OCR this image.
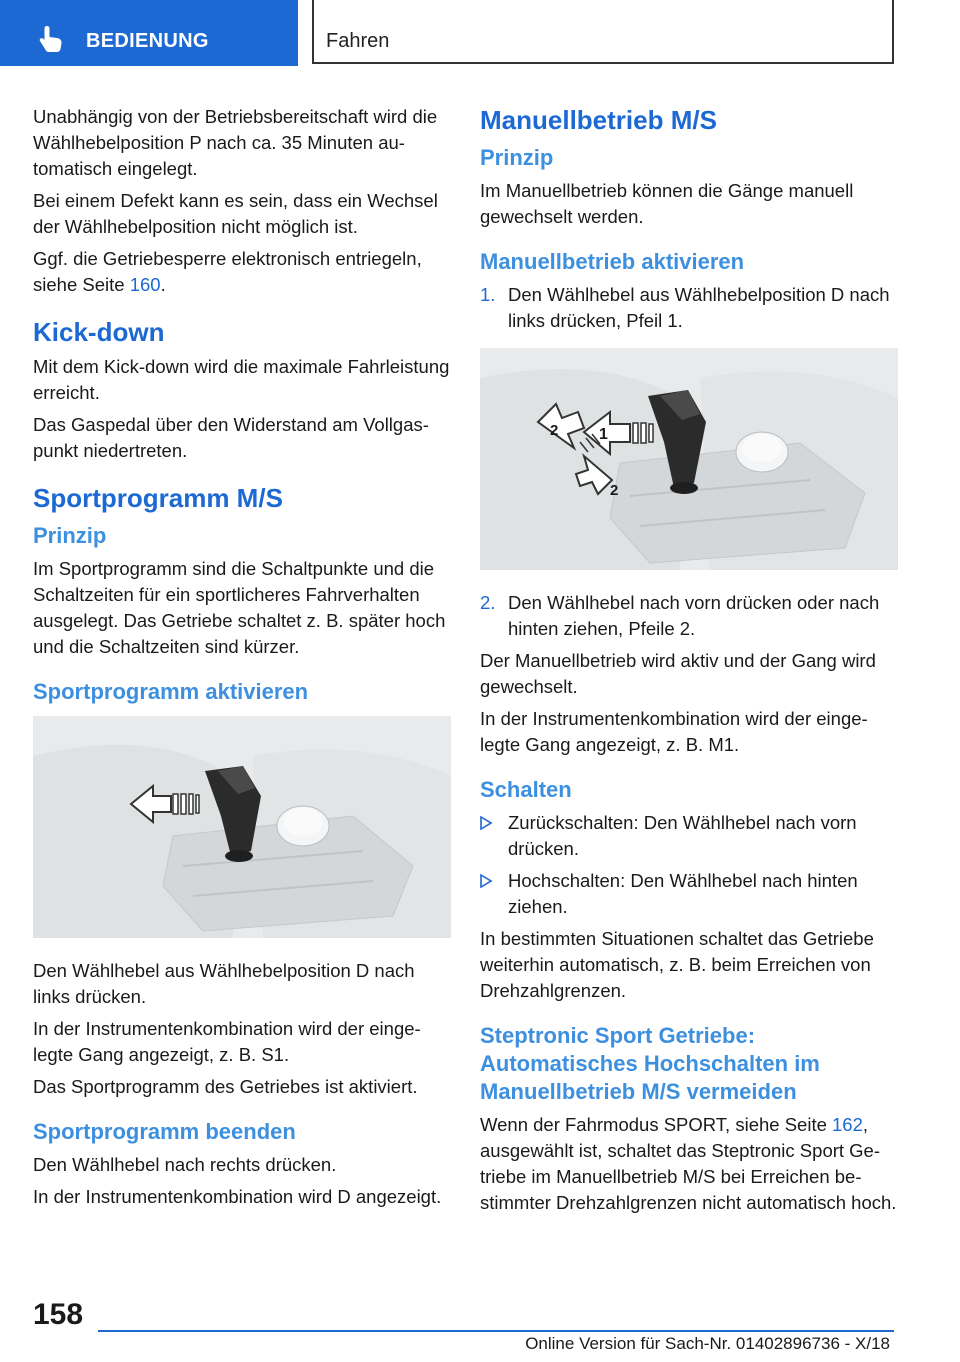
BEDIENUNG	Fahren

Unabhängig von der Betriebsbereitschaft wird die Wählhebelposition P nach ca. 35 Minuten automatisch eingelegt.

Bei einem Defekt kann es sein, dass ein Wechsel der Wählhebelposition nicht möglich ist.

Ggf. die Getriebesperre elektronisch entriegeln, siehe Seite 160.

Kick-down

Mit dem Kick-down wird die maximale Fahrleistung erreicht.

Das Gaspedal über den Widerstand am Vollgaspunkt niedertreten.

Sportprogramm M/S
Prinzip

Im Sportprogramm sind die Schaltpunkte und die Schaltzeiten für ein sportlicheres Fahrverhalten ausgelegt. Das Getriebe schaltet z. B. später hoch und die Schaltzeiten sind kürzer.

Sportprogramm aktivieren

Den Wählhebel aus Wählhebelposition D nach links drücken.

In der Instrumentenkombination wird der eingelegte Gang angezeigt, z. B. S1.

Das Sportprogramm des Getriebes ist aktiviert.

Sportprogramm beenden

Den Wählhebel nach rechts drücken.

In der Instrumentenkombination wird D angezeigt.

Manuellbetrieb M/S
Prinzip

Im Manuellbetrieb können die Gänge manuell gewechselt werden.

Manuellbetrieb aktivieren
1. Den Wählhebel aus Wählhebelposition D nach links drücken, Pfeil 1.
1
2
2
2. Den Wählhebel nach vorn drücken oder nach hinten ziehen, Pfeile 2.

Der Manuellbetrieb wird aktiv und der Gang wird gewechselt.

In der Instrumentenkombination wird der eingelegte Gang angezeigt, z. B. M1.

Schalten
Zurückschalten: Den Wählhebel nach vorn drücken.
Hochschalten: Den Wählhebel nach hinten ziehen.

In bestimmten Situationen schaltet das Getriebe weiterhin automatisch, z. B. beim Erreichen von Drehzahlgrenzen.

Steptronic Sport Getriebe: Automatisches Hochschalten im Manuellbetrieb M/S vermeiden

Wenn der Fahrmodus SPORT, siehe Seite 162, ausgewählt ist, schaltet das Steptronic Sport Getriebe im Manuellbetrieb M/S bei Erreichen bestimmter Drehzahlgrenzen nicht automatisch hoch.

158
Online Version für Sach-Nr. 01402896736 - X/18
